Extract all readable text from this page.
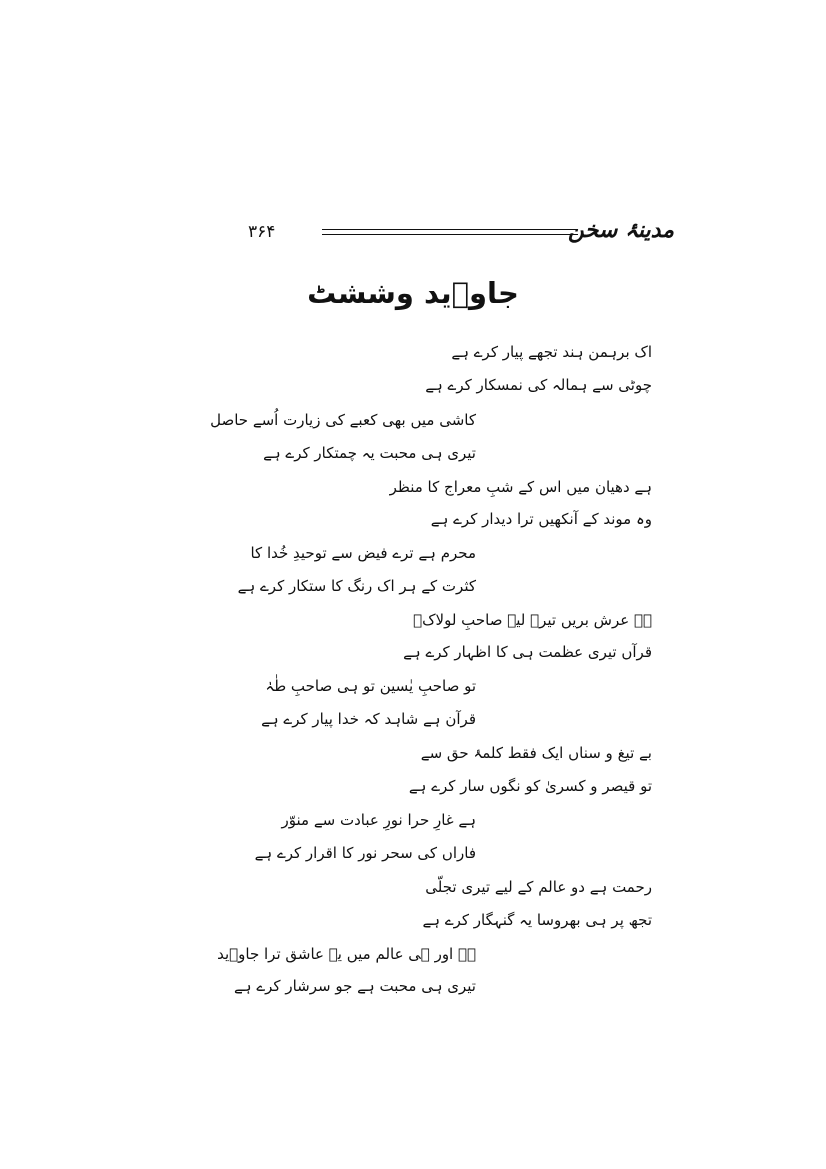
مدینۂ سخن
۳۶۴
جاوؔید وششٹ
اک برہمن ہند تجھے پیار کرے ہے
چوٹی سے ہمالہ کی نمسکار کرے ہے
کاشی میں بھی کعبے کی زیارت اُسے حاصل
تیری ہی محبت یہ چمتکار کرے ہے
ہے دھیان میں اس کے شبِ معراج کا منظر
وہ موند کے آنکھیں ترا دیدار کرے ہے
محرم ہے ترے فیض سے توحیدِ خُدا کا
کثرت کے ہر اک رنگ کا ستکار کرے ہے
ہے عرش بریں تیرے لیے صاحبِ لولاکؐ
قرآں تیری عظمت ہی کا اظہار کرے ہے
تو صاحبِ یٰسین تو ہی صاحبِ طٰہٰ
قرآن ہے شاہد کہ خدا پیار کرے ہے
بے تیغ و سناں ایک فقط کلمۂ حق سے
تو قیصر و کسریٰ کو نگوں سار کرے ہے
ہے غارِ حرا نورِ عبادت سے منوّر
فاراں کی سحر نور کا اقرار کرے ہے
رحمت ہے دو عالم کے لیے تیری تجلّی
تجھ پر ہی بھروسا یہ گنہگار کرے ہے
ہے اور ہی عالم میں یہ عاشق ترا جاوؔید
تیری ہی محبت ہے جو سرشار کرے ہے
